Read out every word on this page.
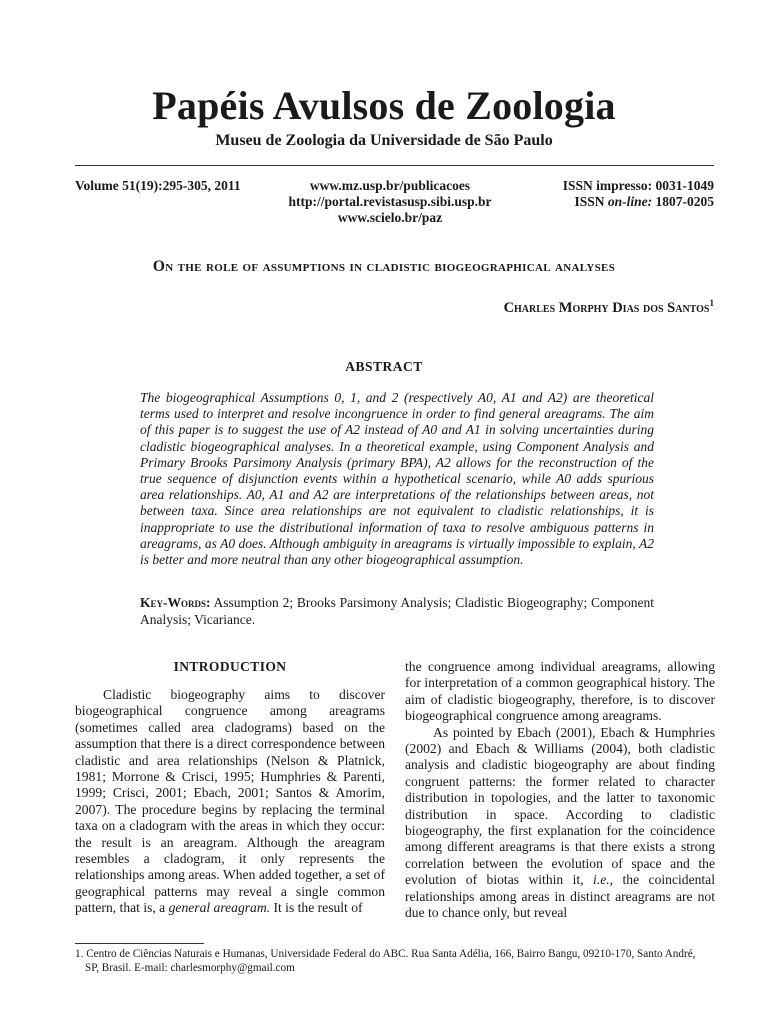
Papéis Avulsos de Zoologia
Museu de Zoologia da Universidade de São Paulo
Volume 51(19):295-305, 2011	www.mz.usp.br/publicacoes
http://portal.revistasusp.sibi.usp.br
www.scielo.br/paz
ISSN impresso: 0031-1049
ISSN on-line: 1807-0205
On the role of assumptions in cladistic biogeographical analyses
Charles Morphy Dias dos Santos$^1$
ABSTRACT
The biogeographical Assumptions 0, 1, and 2 (respectively A0, A1 and A2) are theoretical terms used to interpret and resolve incongruence in order to find general areagrams. The aim of this paper is to suggest the use of A2 instead of A0 and A1 in solving uncertainties during cladistic biogeographical analyses. In a theoretical example, using Component Analysis and Primary Brooks Parsimony Analysis (primary BPA), A2 allows for the reconstruction of the true sequence of disjunction events within a hypothetical scenario, while A0 adds spurious area relationships. A0, A1 and A2 are interpretations of the relationships between areas, not between taxa. Since area relationships are not equivalent to cladistic relationships, it is inappropriate to use the distributional information of taxa to resolve ambiguous patterns in areagrams, as A0 does. Although ambiguity in areagrams is virtually impossible to explain, A2 is better and more neutral than any other biogeographical assumption.
Key-Words: Assumption 2; Brooks Parsimony Analysis; Cladistic Biogeography; Component Analysis; Vicariance.
INTRODUCTION

Cladistic biogeography aims to discover biogeographical congruence among areagrams (sometimes called area cladograms) based on the assumption that there is a direct correspondence between cladistic and area relationships (Nelson & Platnick, 1981; Morrone & Crisci, 1995; Humphries & Parenti, 1999; Crisci, 2001; Ebach, 2001; Santos & Amorim, 2007). The procedure begins by replacing the terminal taxa on a cladogram with the areas in which they occur: the result is an areagram. Although the areagram resembles a cladogram, it only represents the relationships among areas. When added together, a set of geographical patterns may reveal a single common pattern, that is, a general areagram. It is the result of

the congruence among individual areagrams, allowing for interpretation of a common geographical history. The aim of cladistic biogeography, therefore, is to discover biogeographical congruence among areagrams.

As pointed by Ebach (2001), Ebach & Humphries (2002) and Ebach & Williams (2004), both cladistic analysis and cladistic biogeography are about finding congruent patterns: the former related to character distribution in topologies, and the latter to taxonomic distribution in space. According to cladistic biogeography, the first explanation for the coincidence among different areagrams is that there exists a strong correlation between the evolution of space and the evolution of biotas within it, i.e., the coincidental relationships among areas in distinct areagrams are not due to chance only, but reveal

1. Centro de Ciências Naturais e Humanas, Universidade Federal do ABC. Rua Santa Adélia, 166, Bairro Bangu, 09210-170, Santo André,
SP, Brasil. E-mail: charlesmorphy@gmail.com
